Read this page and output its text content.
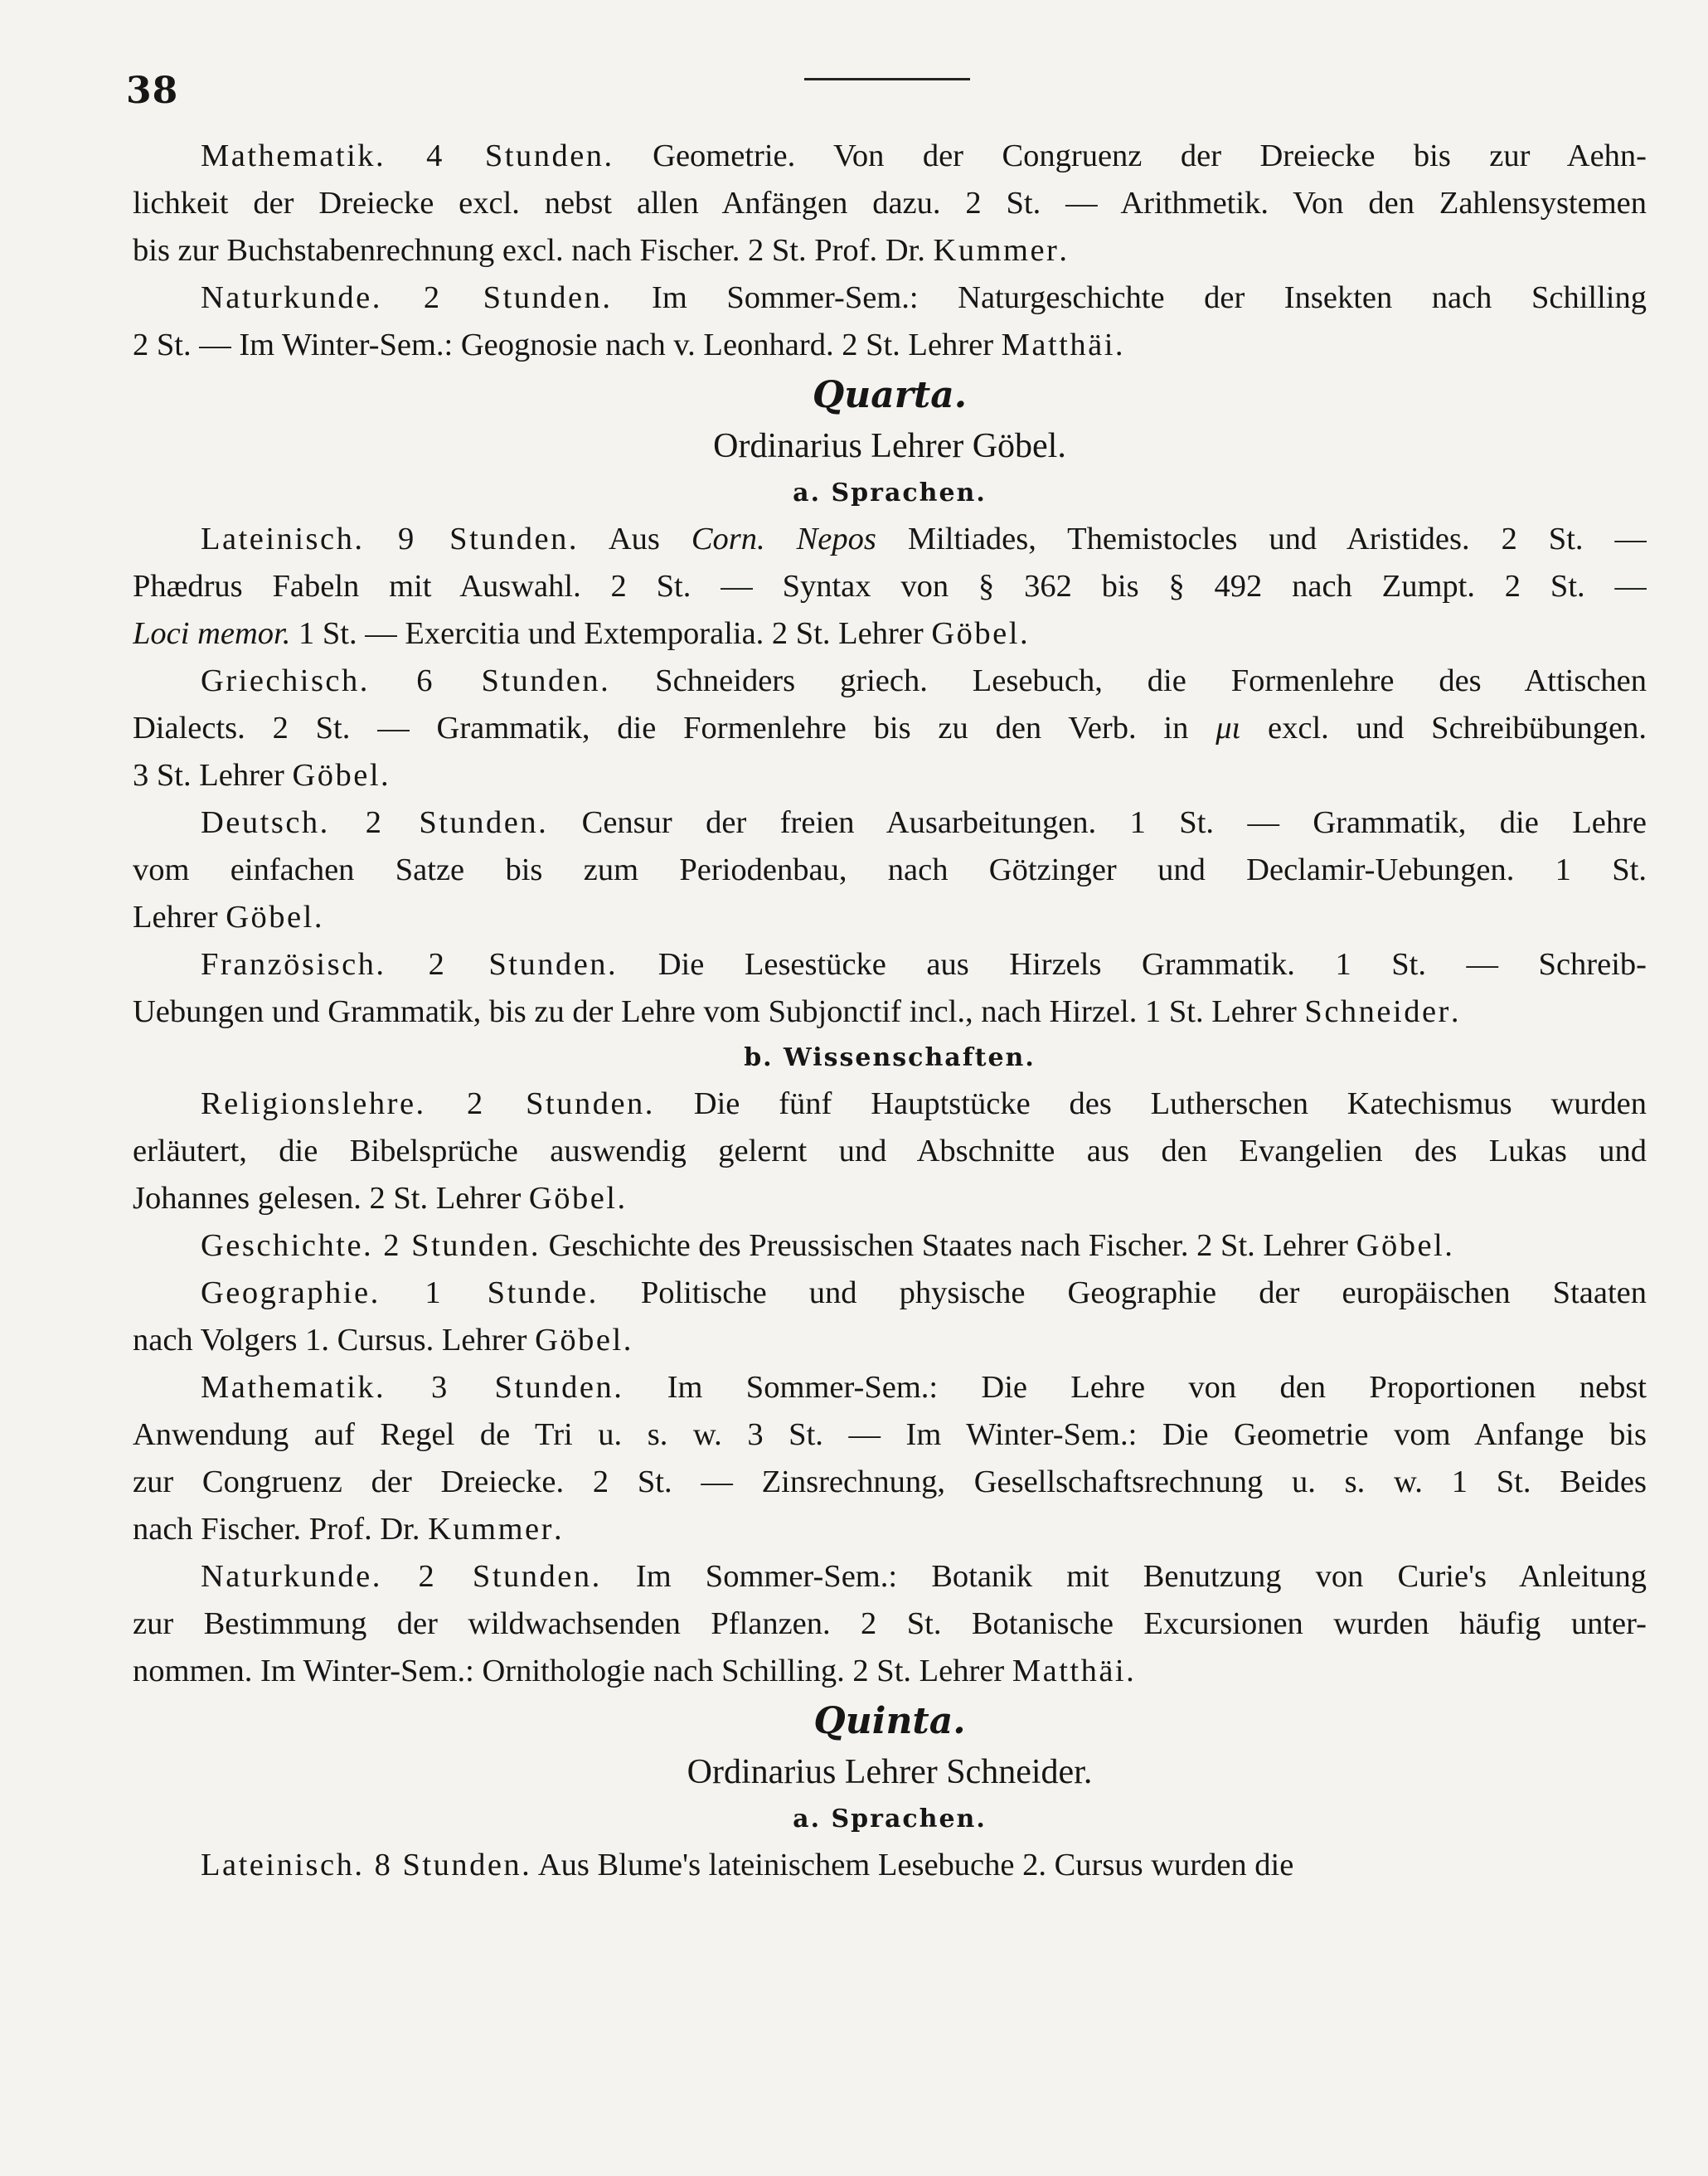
38
Mathematik. 4 Stunden. Geometrie. Von der Congruenz der Dreiecke bis zur Aehn-
lichkeit der Dreiecke excl. nebst allen Anfängen dazu. 2 St. — Arithmetik. Von den Zahlensystemen
bis zur Buchstabenrechnung excl. nach Fischer. 2 St. Prof. Dr. Kummer.
Naturkunde. 2 Stunden. Im Sommer-Sem.: Naturgeschichte der Insekten nach Schilling
2 St. — Im Winter-Sem.: Geognosie nach v. Leonhard. 2 St. Lehrer Matthäi.
Quarta.
Ordinarius Lehrer Göbel.
a. Sprachen.
Lateinisch. 9 Stunden. Aus Corn. Nepos Miltiades, Themistocles und Aristides. 2 St. —
Phædrus Fabeln mit Auswahl. 2 St. — Syntax von § 362 bis § 492 nach Zumpt. 2 St. —
Loci memor. 1 St. — Exercitia und Extemporalia. 2 St. Lehrer Göbel.
Griechisch. 6 Stunden. Schneiders griech. Lesebuch, die Formenlehre des Attischen
Dialects. 2 St. — Grammatik, die Formenlehre bis zu den Verb. in μι excl. und Schreibübungen.
3 St. Lehrer Göbel.
Deutsch. 2 Stunden. Censur der freien Ausarbeitungen. 1 St. — Grammatik, die Lehre
vom einfachen Satze bis zum Periodenbau, nach Götzinger und Declamir-Uebungen. 1 St.
Lehrer Göbel.
Französisch. 2 Stunden. Die Lesestücke aus Hirzels Grammatik. 1 St. — Schreib-
Uebungen und Grammatik, bis zu der Lehre vom Subjonctif incl., nach Hirzel. 1 St. Lehrer Schneider.
b. Wissenschaften.
Religionslehre. 2 Stunden. Die fünf Hauptstücke des Lutherschen Katechismus wurden
erläutert, die Bibelsprüche auswendig gelernt und Abschnitte aus den Evangelien des Lukas und
Johannes gelesen. 2 St. Lehrer Göbel.
Geschichte. 2 Stunden. Geschichte des Preussischen Staates nach Fischer. 2 St. Lehrer Göbel.
Geographie. 1 Stunde. Politische und physische Geographie der europäischen Staaten
nach Volgers 1. Cursus. Lehrer Göbel.
Mathematik. 3 Stunden. Im Sommer-Sem.: Die Lehre von den Proportionen nebst
Anwendung auf Regel de Tri u. s. w. 3 St. — Im Winter-Sem.: Die Geometrie vom Anfange bis
zur Congruenz der Dreiecke. 2 St. — Zinsrechnung, Gesellschaftsrechnung u. s. w. 1 St. Beides
nach Fischer. Prof. Dr. Kummer.
Naturkunde. 2 Stunden. Im Sommer-Sem.: Botanik mit Benutzung von Curie's Anleitung
zur Bestimmung der wildwachsenden Pflanzen. 2 St. Botanische Excursionen wurden häufig unter-
nommen. Im Winter-Sem.: Ornithologie nach Schilling. 2 St. Lehrer Matthäi.
Quinta.
Ordinarius Lehrer Schneider.
a. Sprachen.
Lateinisch. 8 Stunden. Aus Blume's lateinischem Lesebuche 2. Cursus wurden die
